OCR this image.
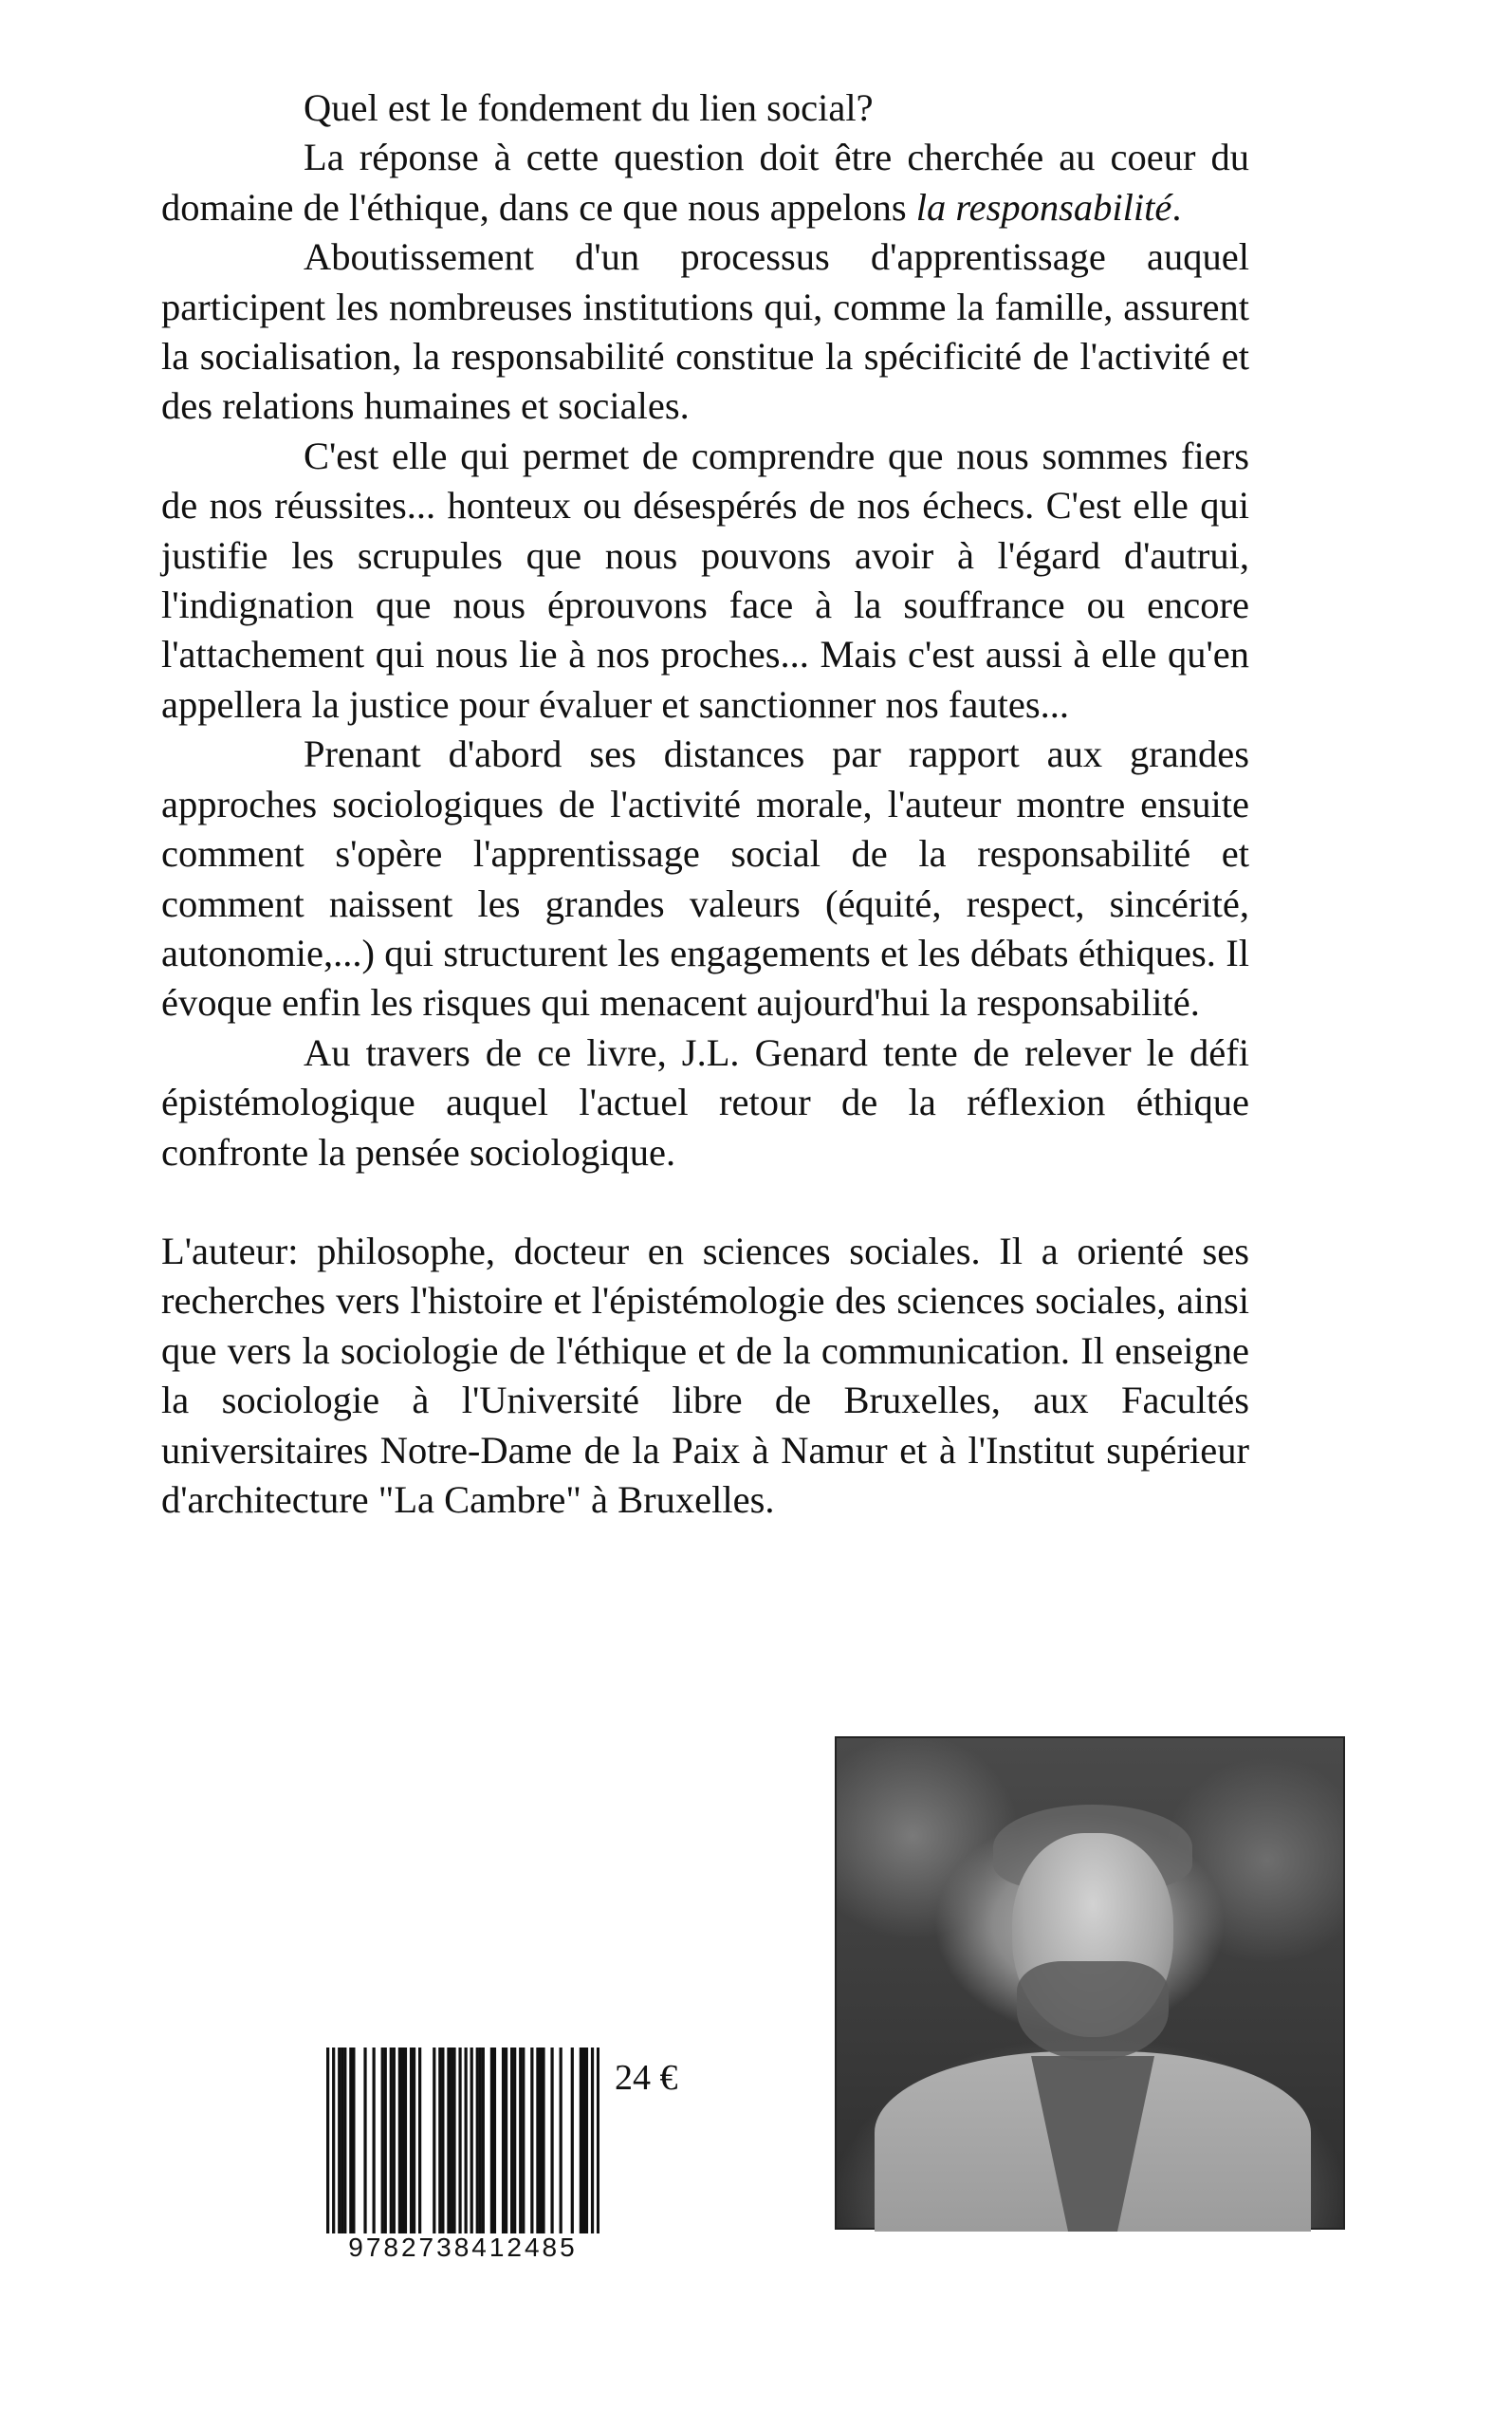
Quel est le fondement du lien social?

La réponse à cette question doit être cherchée au coeur du domaine de l'éthique, dans ce que nous appelons la responsabilité.

Aboutissement d'un processus d'apprentissage auquel participent les nombreuses institutions qui, comme la famille, assurent la socialisation, la responsabilité constitue la spécificité de l'activité et des relations humaines et sociales.

C'est elle qui permet de comprendre que nous sommes fiers de nos réussites... honteux ou désespérés de nos échecs. C'est elle qui justifie les scrupules que nous pouvons avoir à l'égard d'autrui, l'indignation que nous éprouvons face à la souffrance ou encore l'attachement qui nous lie à nos proches... Mais c'est aussi à elle qu'en appellera la justice pour évaluer et sanctionner nos fautes...

Prenant d'abord ses distances par rapport aux grandes approches sociologiques de l'activité morale, l'auteur montre ensuite comment s'opère l'apprentissage social de la responsabilité et comment naissent les grandes valeurs (équité, respect, sincérité, autonomie,...) qui structurent les engagements et les débats éthiques. Il évoque enfin les risques qui menacent aujourd'hui la responsabilité.

Au travers de ce livre, J.L. Genard tente de relever le défi épistémologique auquel l'actuel retour de la réflexion éthique confronte la pensée sociologique.

L'auteur: philosophe, docteur en sciences sociales. Il a orienté ses recherches vers l'histoire et l'épistémologie des sciences sociales, ainsi que vers la sociologie de l'éthique et de la communication. Il enseigne la sociologie à l'Université libre de Bruxelles, aux Facultés universitaires Notre-Dame de la Paix à Namur et à l'Institut supérieur d'architecture "La Cambre" à Bruxelles.

9782738412485
24 €
